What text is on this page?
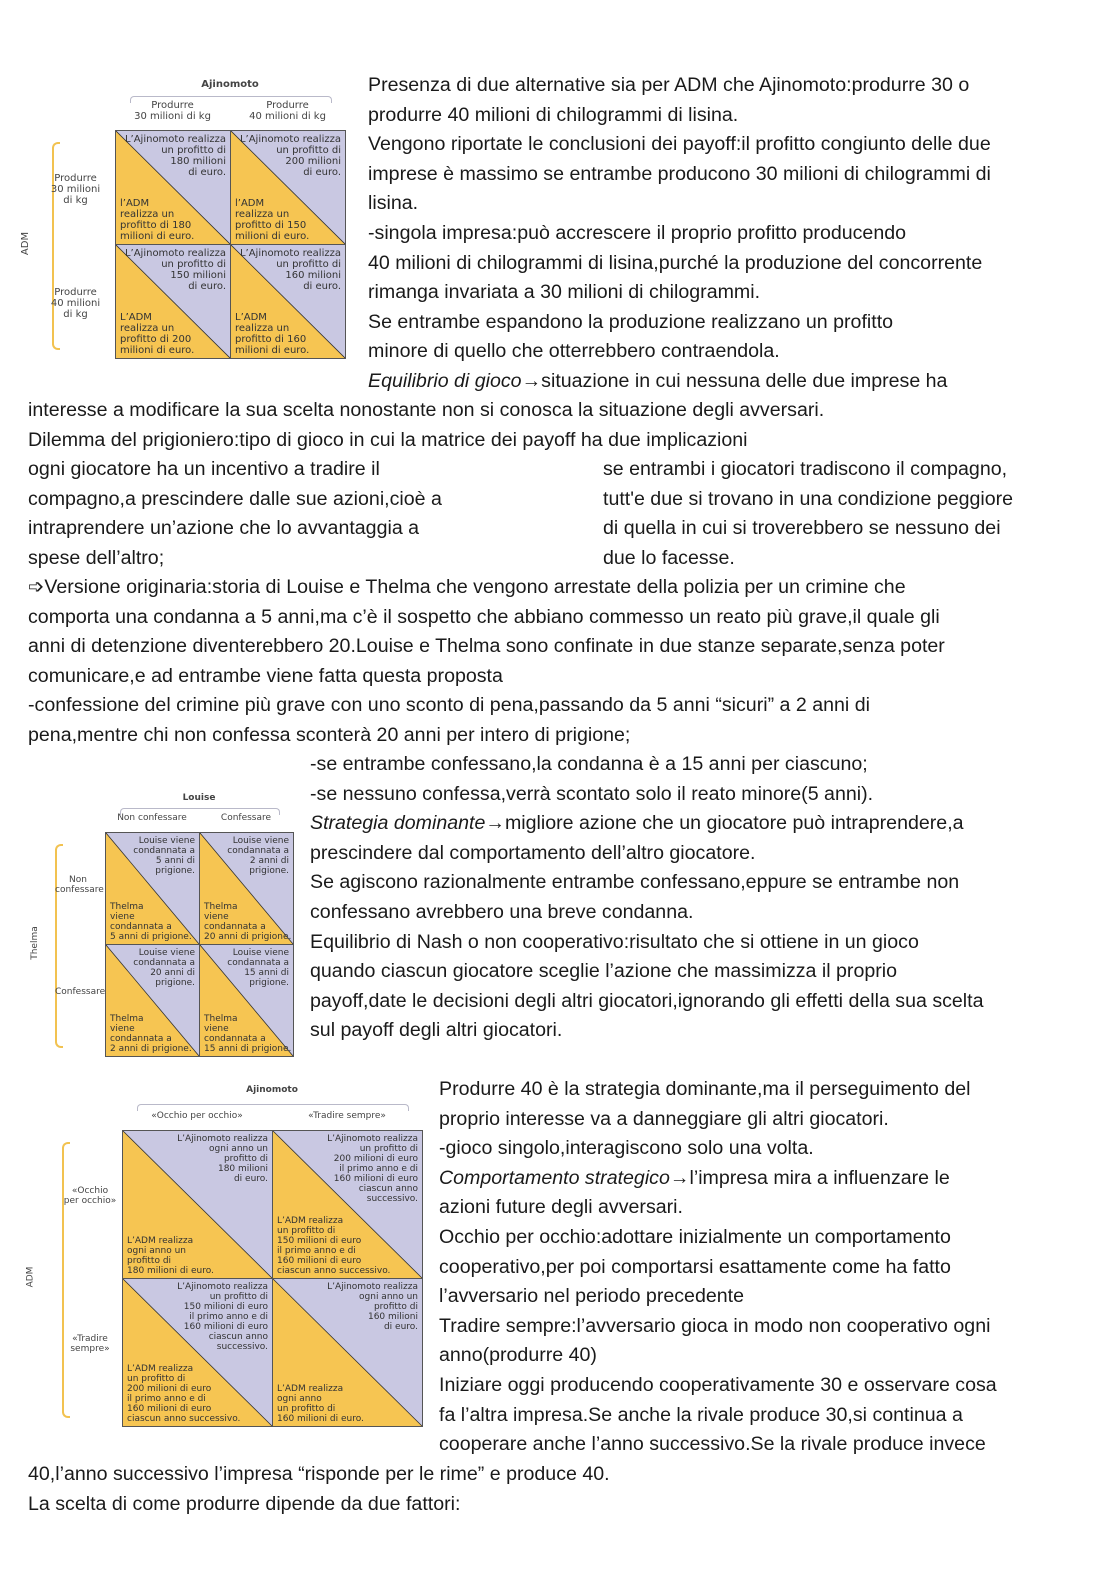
Presenza di due alternative sia per ADM che Ajinomoto:produrre 30 o
produrre 40 milioni di chilogrammi di lisina.
Vengono riportate le conclusioni dei payoff:il profitto congiunto delle due
imprese è massimo se entrambe producono 30 milioni di chilogrammi di
lisina.
-singola impresa:può accrescere il proprio profitto producendo
40 milioni di chilogrammi di lisina,purché la produzione del concorrente
rimanga invariata a 30 milioni di chilogrammi.
Se entrambe espandono la produzione realizzano un profitto
minore di quello che otterrebbero contraendola.
Equilibrio di gioco→situazione in cui nessuna delle due imprese ha
interesse a modificare la sua scelta nonostante non si conosca la situazione degli avversari.
Dilemma del prigioniero:tipo di gioco in cui la matrice dei payoff ha due implicazioni
ogni giocatore ha un incentivo a tradire il
compagno,a prescindere dalle sue azioni,cioè a
intraprendere un’azione che lo avvantaggia a
spese dell’altro;
se entrambi i giocatori tradiscono il compagno,
tutt'e due si trovano in una condizione peggiore
di quella in cui si troverebbero se nessuno dei
due lo facesse.
➩Versione originaria:storia di Louise e Thelma che vengono arrestate della polizia per un crimine che
comporta una condanna a 5 anni,ma c’è il sospetto che abbiano commesso un reato più grave,il quale gli
anni di detenzione diventerebbero 20.Louise e Thelma sono confinate in due stanze separate,senza poter
comunicare,e ad entrambe viene fatta questa proposta
-confessione del crimine più grave con uno sconto di pena,passando da 5 anni “sicuri” a 2 anni di
pena,mentre chi non confessa sconterà 20 anni per intero di prigione;
-se entrambe confessano,la condanna è a 15 anni per ciascuno;
-se nessuno confessa,verrà scontato solo il reato minore(5 anni).
Strategia dominante→migliore azione che un giocatore può intraprendere,a
prescindere dal comportamento dell’altro giocatore.
Se agiscono razionalmente entrambe confessano,eppure se entrambe non
confessano avrebbero una breve condanna.
Equilibrio di Nash o non cooperativo:risultato che si ottiene in un gioco
quando ciascun giocatore sceglie l’azione che massimizza il proprio
payoff,date le decisioni degli altri giocatori,ignorando gli effetti della sua scelta
sul payoff degli altri giocatori.
Produrre 40 è la strategia dominante,ma il perseguimento del
proprio interesse va a danneggiare gli altri giocatori.
-gioco singolo,interagiscono solo una volta.
Comportamento strategico→l’impresa mira a influenzare le
azioni future degli avversari.
Occhio per occhio:adottare inizialmente un comportamento
cooperativo,per poi comportarsi esattamente come ha fatto
l’avversario nel periodo precedente
Tradire sempre:l’avversario gioca in modo non cooperativo ogni
anno(produrre 40)
Iniziare oggi producendo cooperativamente 30 e osservare cosa
fa l’altra impresa.Se anche la rivale produce 30,si continua a
cooperare anche l’anno successivo.Se la rivale produce invece
40,l’anno successivo l’impresa “risponde per le rime” e produce 40.
La scelta di come produrre dipende da due fattori:
Ajinomoto
Produrre
30 milioni di kg
Produrre
40 milioni di kg
ADM
Produrre
30 milioni
di kg
Produrre
40 milioni
di kg
L’Ajinomoto realizza
un profitto di
180 milioni
di euro.
l’ADM
realizza un
profitto di 180
milioni di euro.
L’Ajinomoto realizza
un profitto di
200 milioni
di euro.
l’ADM
realizza un
profitto di 150
milioni di euro.
L’Ajinomoto realizza
un profitto di
150 milioni
di euro.
L’ADM
realizza un
profitto di 200
milioni di euro.
L’Ajinomoto realizza
un profitto di
160 milioni
di euro.
L’ADM
realizza un
profitto di 160
milioni di euro.
Louise
Non confessare	Confessare
Thelma
Non
confessare
Confessare
Louise viene
condannata a
5 anni di
prigione.
Thelma
viene
condannata a
5 anni di prigione.
Louise viene
condannata a
2 anni di
prigione.
Thelma
viene
condannata a
20 anni di prigione.
Louise viene
condannata a
20 anni di
prigione.
Thelma
viene
condannata a
2 anni di prigione.
Louise viene
condannata a
15 anni di
prigione.
Thelma
viene
condannata a
15 anni di prigione.
Ajinomoto
«Occhio per occhio»	«Tradire sempre»
ADM
«Occhio
per occhio»
«Tradire
sempre»
L’Ajinomoto realizza
ogni anno un
profitto di
180 milioni
di euro.
L’ADM realizza
ogni anno un
profitto di
180 milioni di euro.
L’Ajinomoto realizza
un profitto di
200 milioni di euro
il primo anno e di
160 milioni di euro
ciascun anno
successivo.
L’ADM realizza
un profitto di
150 milioni di euro
il primo anno e di
160 milioni di euro
ciascun anno successivo.
L’Ajinomoto realizza
un profitto di
150 milioni di euro
il primo anno e di
160 milioni di euro
ciascun anno
successivo.
L’ADM realizza
un profitto di
200 milioni di euro
il primo anno e di
160 milioni di euro
ciascun anno successivo.
L’Ajinomoto realizza
ogni anno un
profitto di
160 milioni
di euro.
L’ADM realizza
ogni anno
un profitto di
160 milioni di euro.
